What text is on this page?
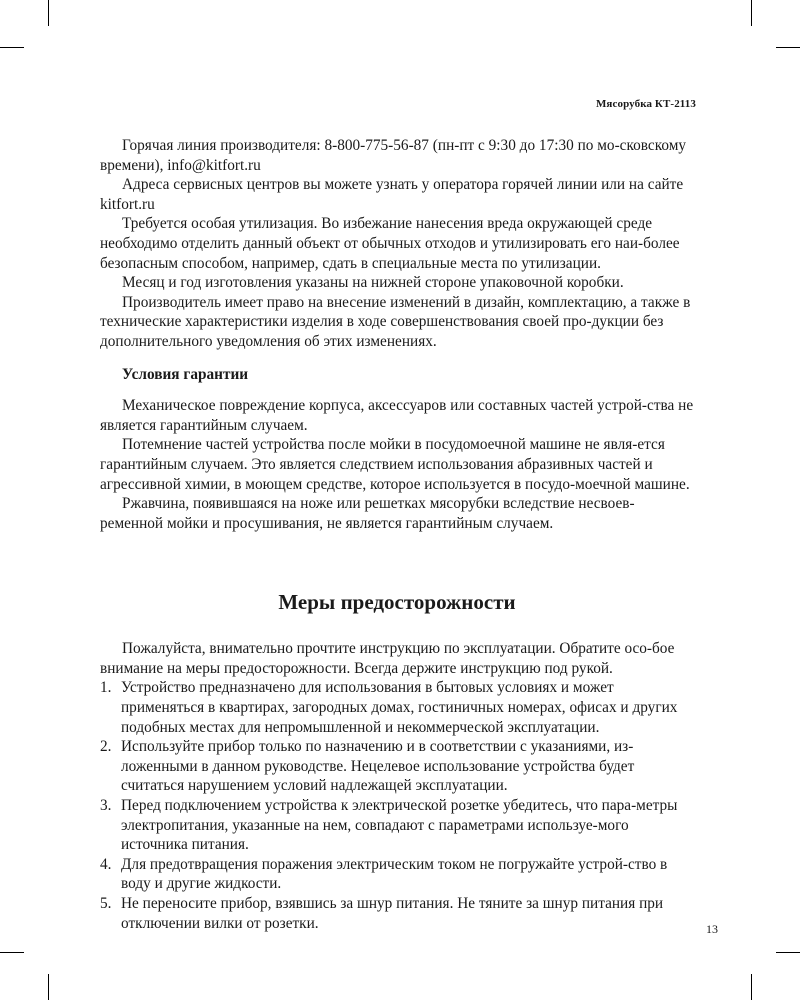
Мясорубка КТ-2113

Горячая линия производителя: 8-800-775-56-87 (пн-пт с 9:30 до 17:30 по мо-сковскому времени), info@kitfort.ru

Адреса сервисных центров вы можете узнать у оператора горячей линии или на сайте kitfort.ru

Требуется особая утилизация. Во избежание нанесения вреда окружающей среде необходимо отделить данный объект от обычных отходов и утилизировать его наи-более безопасным способом, например, сдать в специальные места по утилизации.

Месяц и год изготовления указаны на нижней стороне упаковочной коробки.

Производитель имеет право на внесение изменений в дизайн, комплектацию, а также в технические характеристики изделия в ходе совершенствования своей про-дукции без дополнительного уведомления об этих изменениях.

Условия гарантии

Механическое повреждение корпуса, аксессуаров или составных частей устрой-ства не является гарантийным случаем.

Потемнение частей устройства после мойки в посудомоечной машине не явля-ется гарантийным случаем. Это является следствием использования абразивных частей и агрессивной химии, в моющем средстве, которое используется в посудо-моечной машине.

Ржавчина, появившаяся на ноже или решетках мясорубки вследствие несвоев-ременной мойки и просушивания, не является гарантийным случаем.

Меры предосторожности

Пожалуйста, внимательно прочтите инструкцию по эксплуатации. Обратите осо-бое внимание на меры предосторожности. Всегда держите инструкцию под рукой.

1. Устройство предназначено для использования в бытовых условиях и может применяться в квартирах, загородных домах, гостиничных номерах, офисах и других подобных местах для непромышленной и некоммерческой эксплуатации.
2. Используйте прибор только по назначению и в соответствии с указаниями, из-ложенными в данном руководстве. Нецелевое использование устройства будет считаться нарушением условий надлежащей эксплуатации.
3. Перед подключением устройства к электрической розетке убедитесь, что пара-метры электропитания, указанные на нем, совпадают с параметрами используе-мого источника питания.
4. Для предотвращения поражения электрическим током не погружайте устрой-ство в воду и другие жидкости.
5. Не переносите прибор, взявшись за шнур питания. Не тяните за шнур питания при отключении вилки от розетки.	13
